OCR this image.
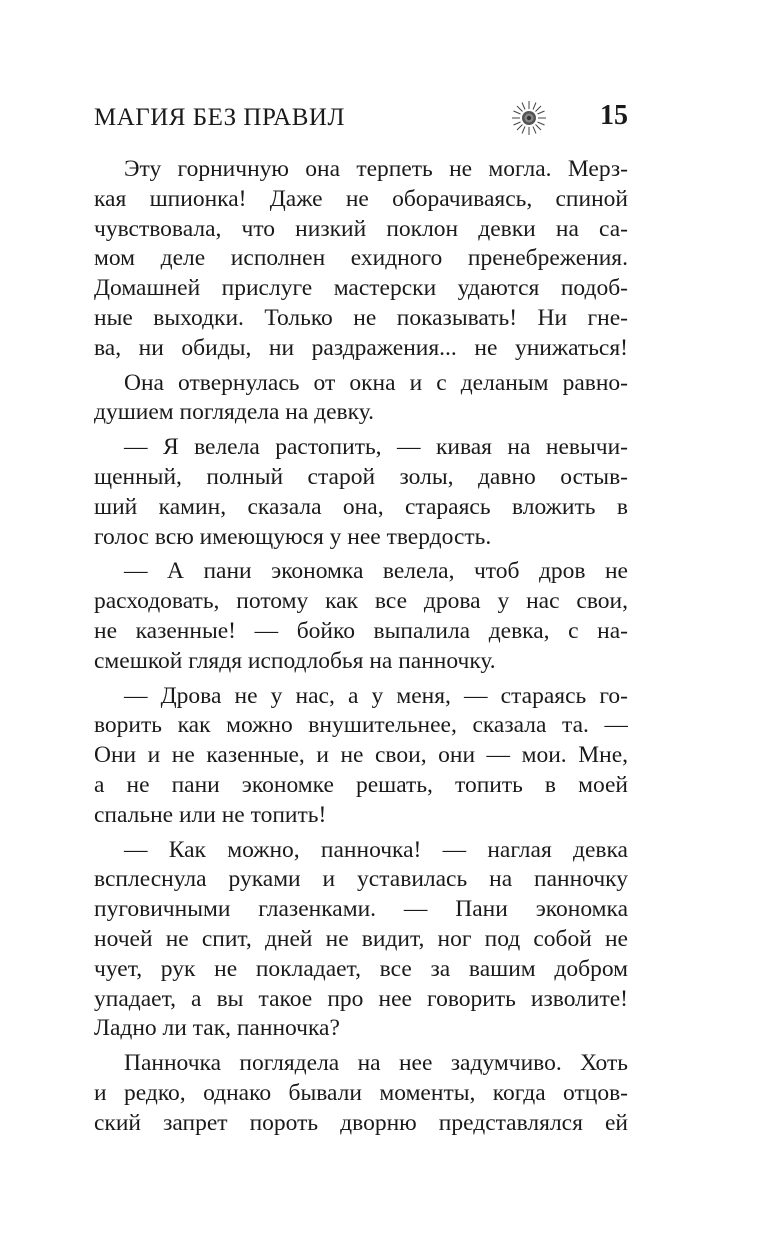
МАГИЯ БЕЗ ПРАВИЛ	15
Эту горничную она терпеть не могла. Мерз-
кая шпионка! Даже не оборачиваясь, спиной
чувствовала, что низкий поклон девки на са-
мом деле исполнен ехидного пренебрежения.
Домашней прислуге мастерски удаются подоб-
ные выходки. Только не показывать! Ни гне-
ва, ни обиды, ни раздражения... не унижаться!
Она отвернулась от окна и с деланым равно-
душием поглядела на девку.
— Я велела растопить, — кивая на невычи-
щенный, полный старой золы, давно остыв-
ший камин, сказала она, стараясь вложить в
голос всю имеющуюся у нее твердость.
— А пани экономка велела, чтоб дров не
расходовать, потому как все дрова у нас свои,
не казенные! — бойко выпалила девка, с на-
смешкой глядя исподлобья на панночку.
— Дрова не у нас, а у меня, — стараясь го-
ворить как можно внушительнее, сказала та. —
Они и не казенные, и не свои, они — мои. Мне,
а не пани экономке решать, топить в моей
спальне или не топить!
— Как можно, панночка! — наглая девка
всплеснула руками и уставилась на панночку
пуговичными глазенками. — Пани экономка
ночей не спит, дней не видит, ног под собой не
чует, рук не покладает, все за вашим добром
упадает, а вы такое про нее говорить изволите!
Ладно ли так, панночка?
Панночка поглядела на нее задумчиво. Хоть
и редко, однако бывали моменты, когда отцов-
ский запрет пороть дворню представлялся ей
